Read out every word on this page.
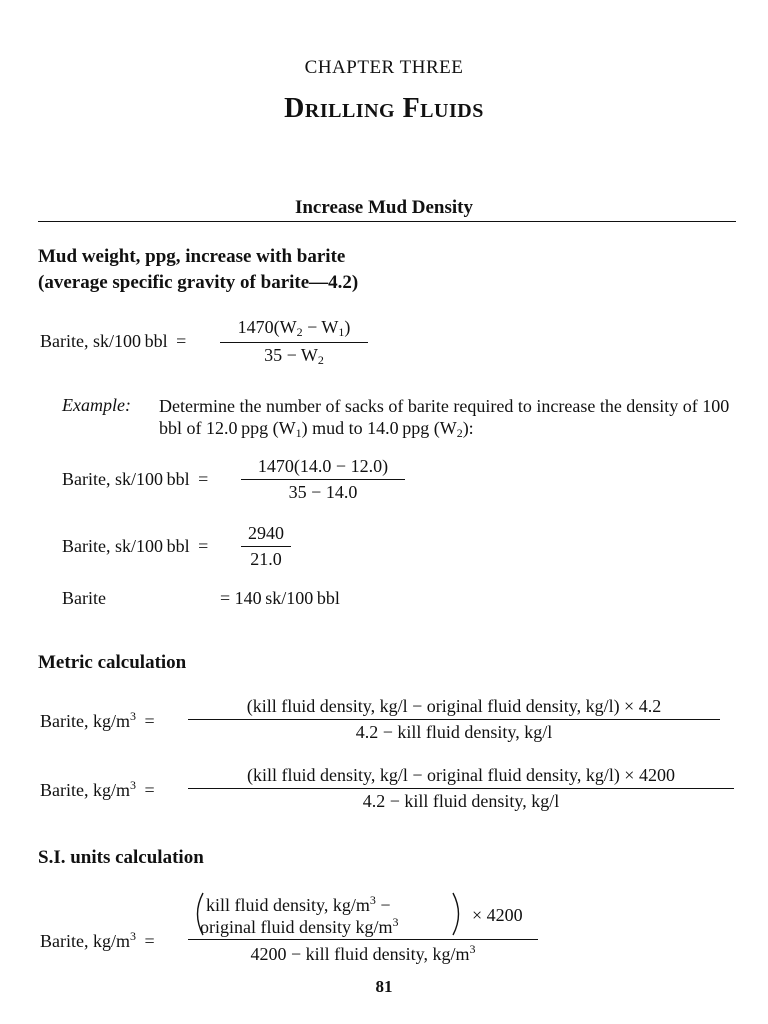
CHAPTER THREE
Drilling Fluids
Increase Mud Density
Mud weight, ppg, increase with barite
(average specific gravity of barite—4.2)
Barite, sk/100 bbl =
$1470(W_2 - W_1)$
$35 - W_2$
Example: Determine the number of sacks of barite required to increase the density of 100 bbl of 12.0 ppg $(W_1)$ mud to 14.0 ppg $(W_2)$:
Barite, sk/100 bbl =
1470(14.0 − 12.0)
35 − 14.0
Barite, sk/100 bbl =
2940
21.0
Barite	= 140 sk/100 bbl
Metric calculation
Barite, $kg/m^3$ =
(kill fluid density, kg/l − original fluid density, kg/l) × 4.2
4.2 − kill fluid density, kg/l
Barite, $kg/m^3$ =
(kill fluid density, kg/l − original fluid density, kg/l) × 4200
4.2 − kill fluid density, kg/l
S.I. units calculation
Barite, $kg/m^3$ =
kill fluid density, $kg/m^3$ −
original fluid density $kg/m^3$	× 4200
4200 − kill fluid density, $kg/m^3$
81
